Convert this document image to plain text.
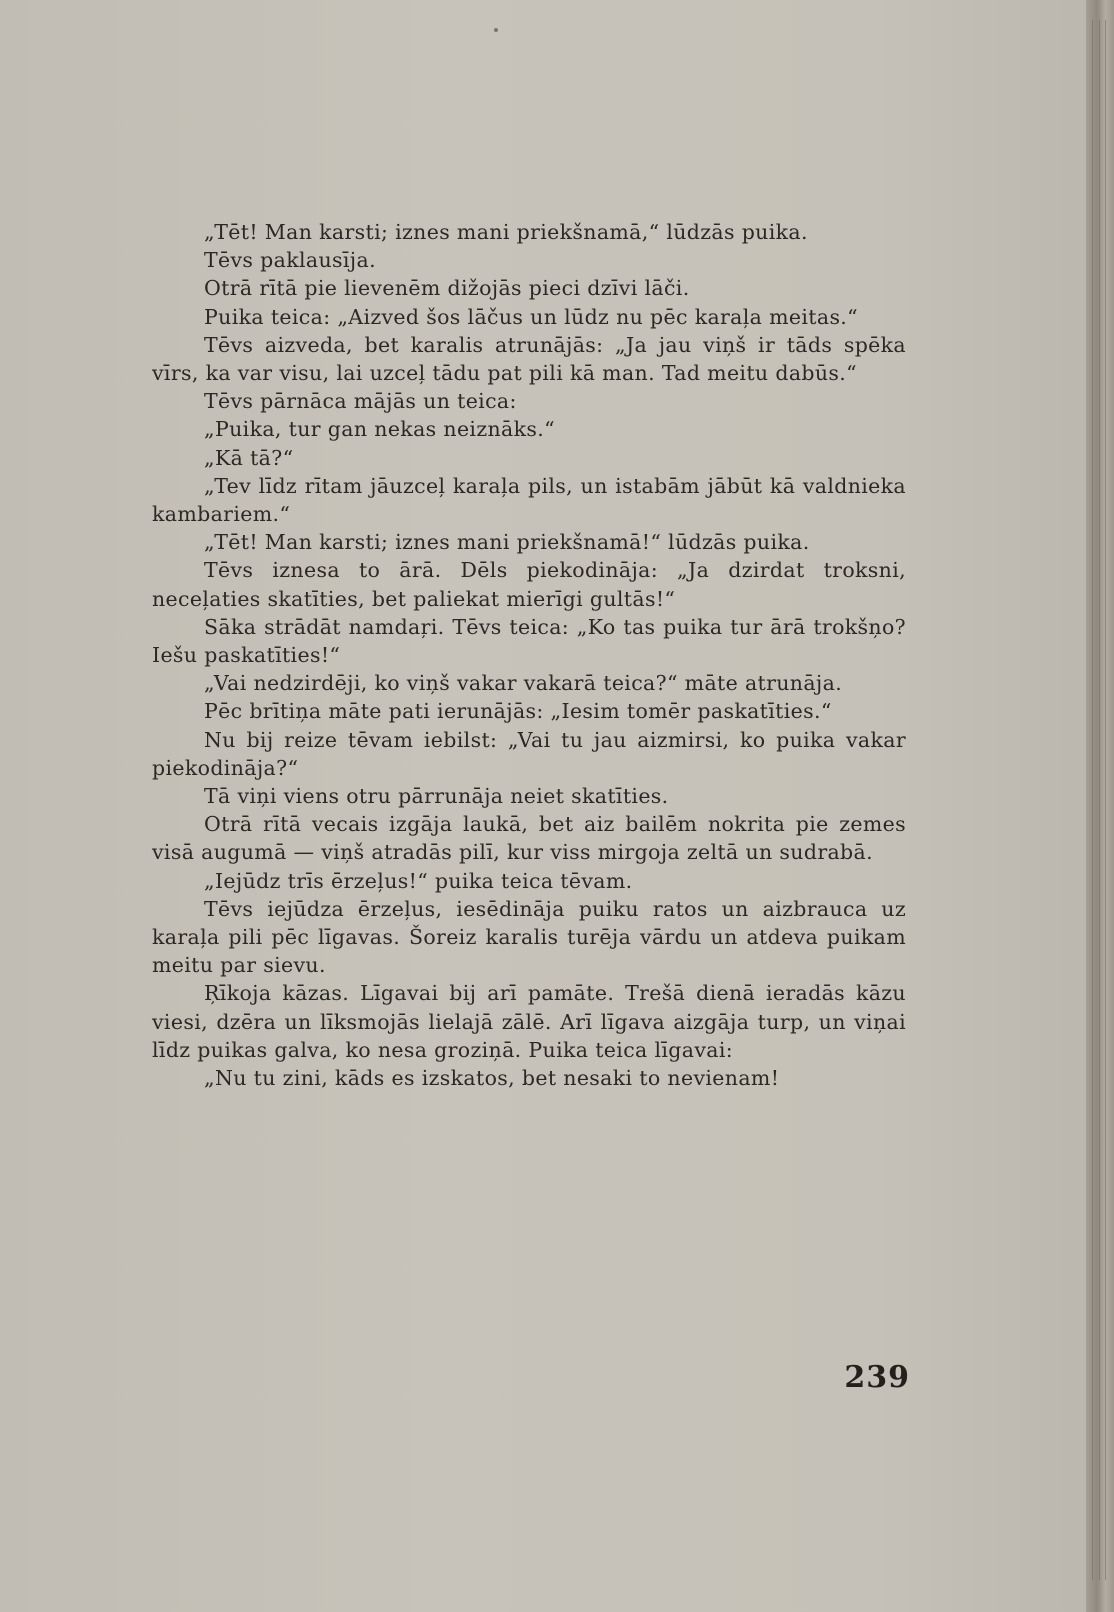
„Tēt! Man karsti; iznes mani priekšnamā,“ lūdzās puika.

Tēvs paklausīja.

Otrā rītā pie lievenēm dižojās pieci dzīvi lāči.

Puika teica: „Aizved šos lāčus un lūdz nu pēc karaļa meitas.“

Tēvs aizveda, bet karalis atrunājās: „Ja jau viņš ir tāds spēka vīrs, ka var visu, lai uzceļ tādu pat pili kā man. Tad meitu dabūs.“

Tēvs pārnāca mājās un teica:

„Puika, tur gan nekas neiznāks.“

„Kā tā?“

„Tev līdz rītam jāuzceļ karaļa pils, un istabām jābūt kā valdnieka kambariem.“

„Tēt! Man karsti; iznes mani priekšnamā!“ lūdzās puika.

Tēvs iznesa to ārā. Dēls piekodināja: „Ja dzirdat troksni, neceļaties skatīties, bet paliekat mierīgi gultās!“

Sāka strādāt namdaŗi. Tēvs teica: „Ko tas puika tur ārā trokšņo? Iešu paskatīties!“

„Vai nedzirdēji, ko viņš vakar vakarā teica?“ māte atrunāja.

Pēc brītiņa māte pati ierunājās: „Iesim tomēr paskatīties.“

Nu bij reize tēvam iebilst: „Vai tu jau aizmirsi, ko puika vakar piekodināja?“

Tā viņi viens otru pārrunāja neiet skatīties.

Otrā rītā vecais izgāja laukā, bet aiz bailēm nokrita pie zemes visā augumā — viņš atradās pilī, kur viss mirgoja zeltā un sudrabā.

„Iejūdz trīs ērzeļus!“ puika teica tēvam.

Tēvs iejūdza ērzeļus, iesēdināja puiku ratos un aizbrauca uz karaļa pili pēc līgavas. Šoreiz karalis turēja vārdu un atdeva puikam meitu par sievu.

Ŗīkoja kāzas. Līgavai bij arī pamāte. Trešā dienā ieradās kāzu viesi, dzēra un līksmojās lielajā zālē. Arī līgava aizgāja turp, un viņai līdz puikas galva, ko nesa groziņā. Puika teica līgavai:

„Nu tu zini, kāds es izskatos, bet nesaki to nevienam!

239
